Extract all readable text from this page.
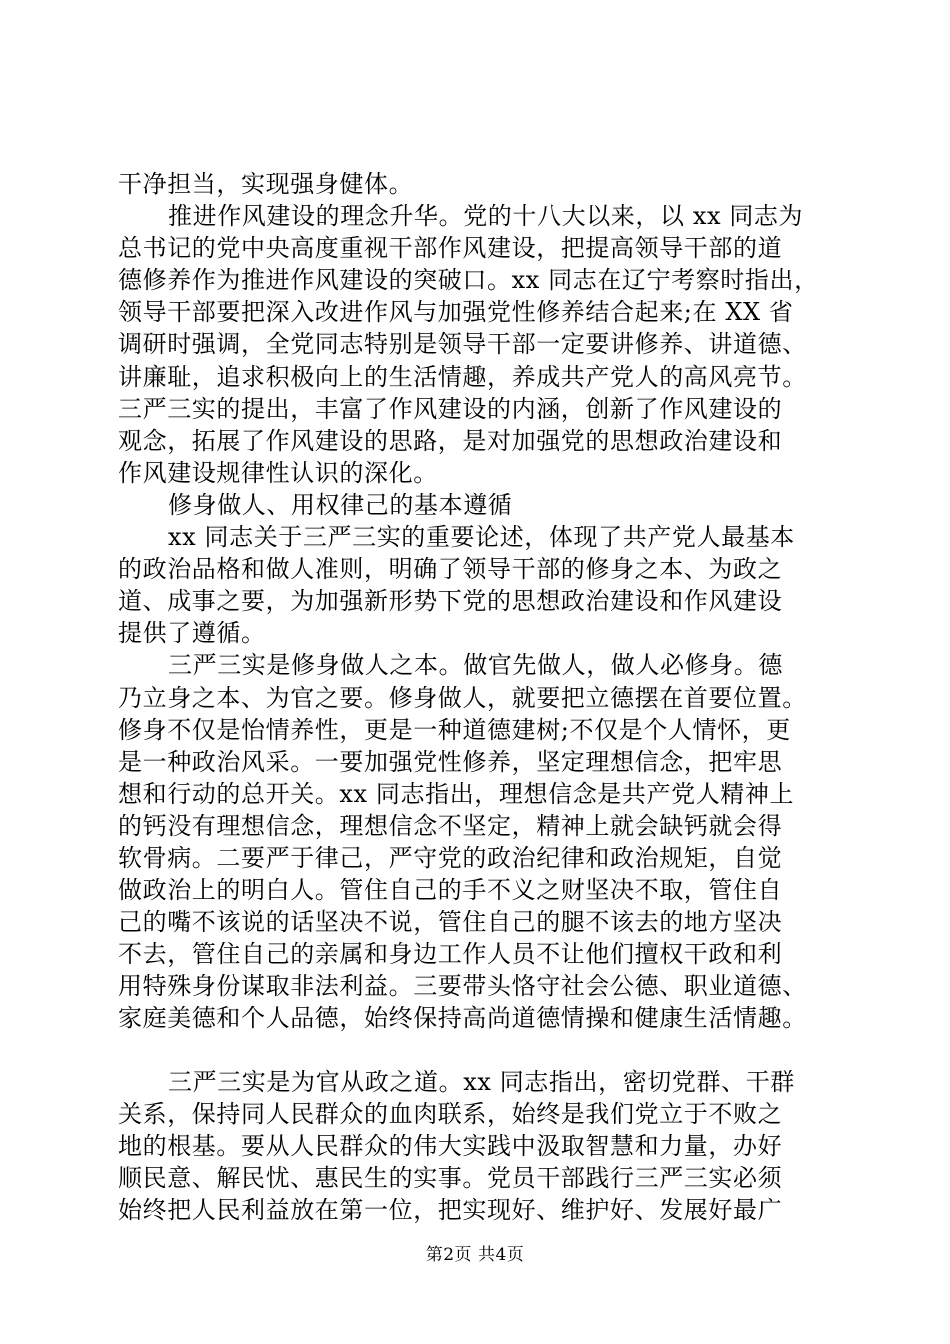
干净担当，实现强身健体。
推进作风建设的理念升华。党的十八大以来，以 xx 同志为
总书记的党中央高度重视干部作风建设，把提高领导干部的道
德修养作为推进作风建设的突破口。xx 同志在辽宁考察时指出，
领导干部要把深入改进作风与加强党性修养结合起来;在 XX 省
调研时强调，全党同志特别是领导干部一定要讲修养、讲道德、
讲廉耻，追求积极向上的生活情趣，养成共产党人的高风亮节。
三严三实的提出，丰富了作风建设的内涵，创新了作风建设的
观念，拓展了作风建设的思路，是对加强党的思想政治建设和
作风建设规律性认识的深化。
修身做人、用权律己的基本遵循
xx 同志关于三严三实的重要论述，体现了共产党人最基本
的政治品格和做人准则，明确了领导干部的修身之本、为政之
道、成事之要，为加强新形势下党的思想政治建设和作风建设
提供了遵循。
三严三实是修身做人之本。做官先做人，做人必修身。德
乃立身之本、为官之要。修身做人，就要把立德摆在首要位置。
修身不仅是怡情养性，更是一种道德建树;不仅是个人情怀，更
是一种政治风采。一要加强党性修养，坚定理想信念，把牢思
想和行动的总开关。xx 同志指出，理想信念是共产党人精神上
的钙没有理想信念，理想信念不坚定，精神上就会缺钙就会得
软骨病。二要严于律己，严守党的政治纪律和政治规矩，自觉
做政治上的明白人。管住自己的手不义之财坚决不取，管住自
己的嘴不该说的话坚决不说，管住自己的腿不该去的地方坚决
不去，管住自己的亲属和身边工作人员不让他们擅权干政和利
用特殊身份谋取非法利益。三要带头恪守社会公德、职业道德、
家庭美德和个人品德，始终保持高尚道德情操和健康生活情趣。
三严三实是为官从政之道。xx 同志指出，密切党群、干群
关系，保持同人民群众的血肉联系，始终是我们党立于不败之
地的根基。要从人民群众的伟大实践中汲取智慧和力量，办好
顺民意、解民忧、惠民生的实事。党员干部践行三严三实必须
始终把人民利益放在第一位，把实现好、维护好、发展好最广
第2页 共4页
